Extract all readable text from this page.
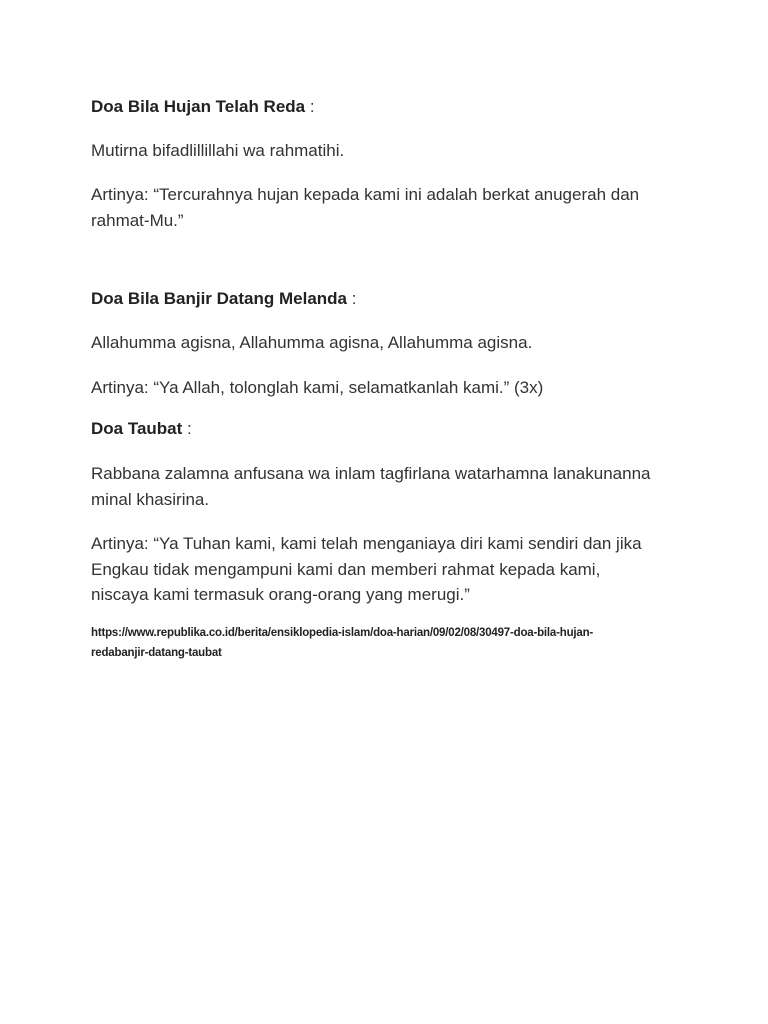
Doa Bila Hujan Telah Reda :
Mutirna bifadlillillahi wa rahmatihi.
Artinya: “Tercurahnya hujan kepada kami ini adalah berkat anugerah dan
rahmat-Mu.”
Doa Bila Banjir Datang Melanda :
Allahumma agisna, Allahumma agisna, Allahumma agisna.
Artinya: “Ya Allah, tolonglah kami, selamatkanlah kami.” (3x)
Doa Taubat :
Rabbana zalamna anfusana wa inlam tagfirlana watarhamna lanakunanna
minal khasirina.
Artinya: “Ya Tuhan kami, kami telah menganiaya diri kami sendiri dan jika
Engkau tidak mengampuni kami dan memberi rahmat kepada kami,
niscaya kami termasuk orang-orang yang merugi.”
https://www.republika.co.id/berita/ensiklopedia-islam/doa-harian/09/02/08/30497-doa-bila-hujan-
redabanjir-datang-taubat
